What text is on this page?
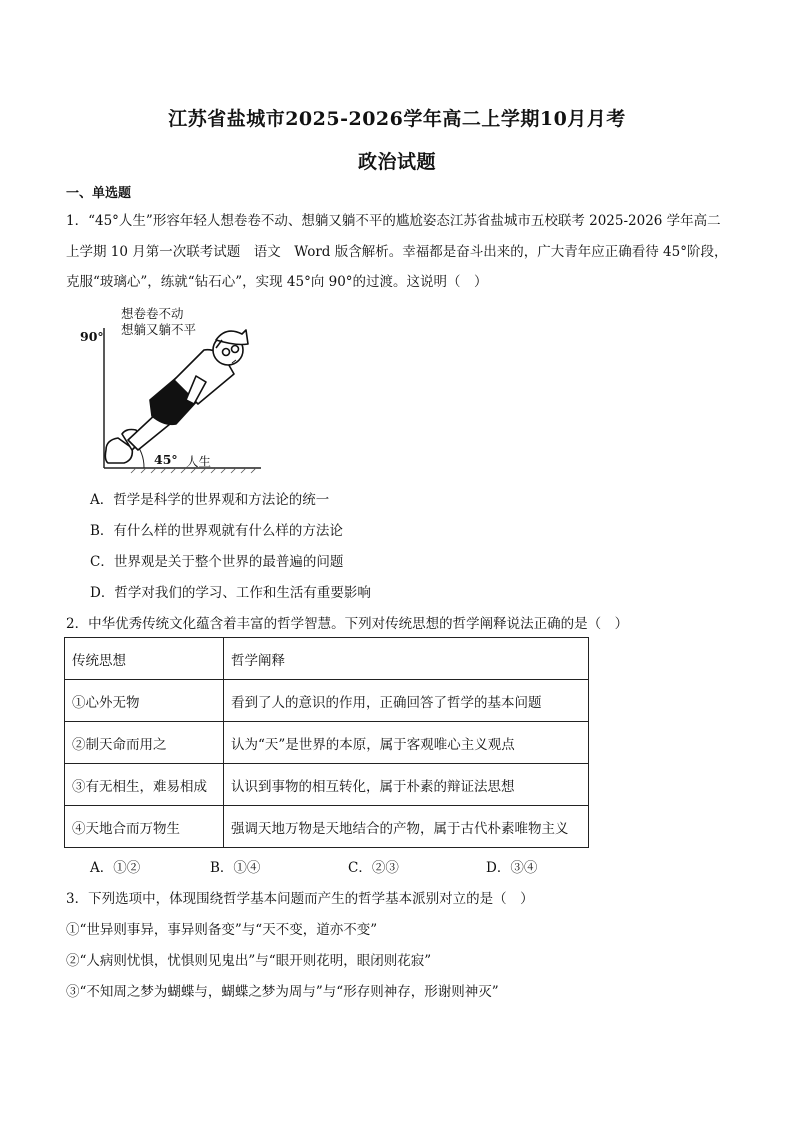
江苏省盐城市2025-2026学年高二上学期10月月考
政治试题
一、单选题
1．“45°人生”形容年轻人想卷卷不动、想躺又躺不平的尴尬姿态江苏省盐城市五校联考 2025-2026 学年高二
上学期 10 月第一次联考试题　语文　Word 版含解析。幸福都是奋斗出来的，广大青年应正确看待 45°阶段，
克服“玻璃心”，练就“钻石心”，实现 45°向 90°的过渡。这说明（　）
90°
想卷卷不动
想躺又躺不平
45° 人生
A．哲学是科学的世界观和方法论的统一
B．有什么样的世界观就有什么样的方法论
C．世界观是关于整个世界的最普遍的问题
D．哲学对我们的学习、工作和生活有重要影响
2．中华优秀传统文化蕴含着丰富的哲学智慧。下列对传统思想的哲学阐释说法正确的是（　）
传统思想	哲学阐释
①心外无物	看到了人的意识的作用，正确回答了哲学的基本问题
②制天命而用之	认为“天”是世界的本原，属于客观唯心主义观点
③有无相生，难易相成	认识到事物的相互转化，属于朴素的辩证法思想
④天地合而万物生	强调天地万物是天地结合的产物，属于古代朴素唯物主义
A．①②	B．①④	C．②③	D．③④
3．下列选项中，体现围绕哲学基本问题而产生的哲学基本派别对立的是（　）
①“世异则事异，事异则备变”与“天不变，道亦不变”
②“人病则忧惧，忧惧则见鬼出”与“眼开则花明，眼闭则花寂”
③“不知周之梦为蝴蝶与，蝴蝶之梦为周与”与“形存则神存，形谢则神灭”
